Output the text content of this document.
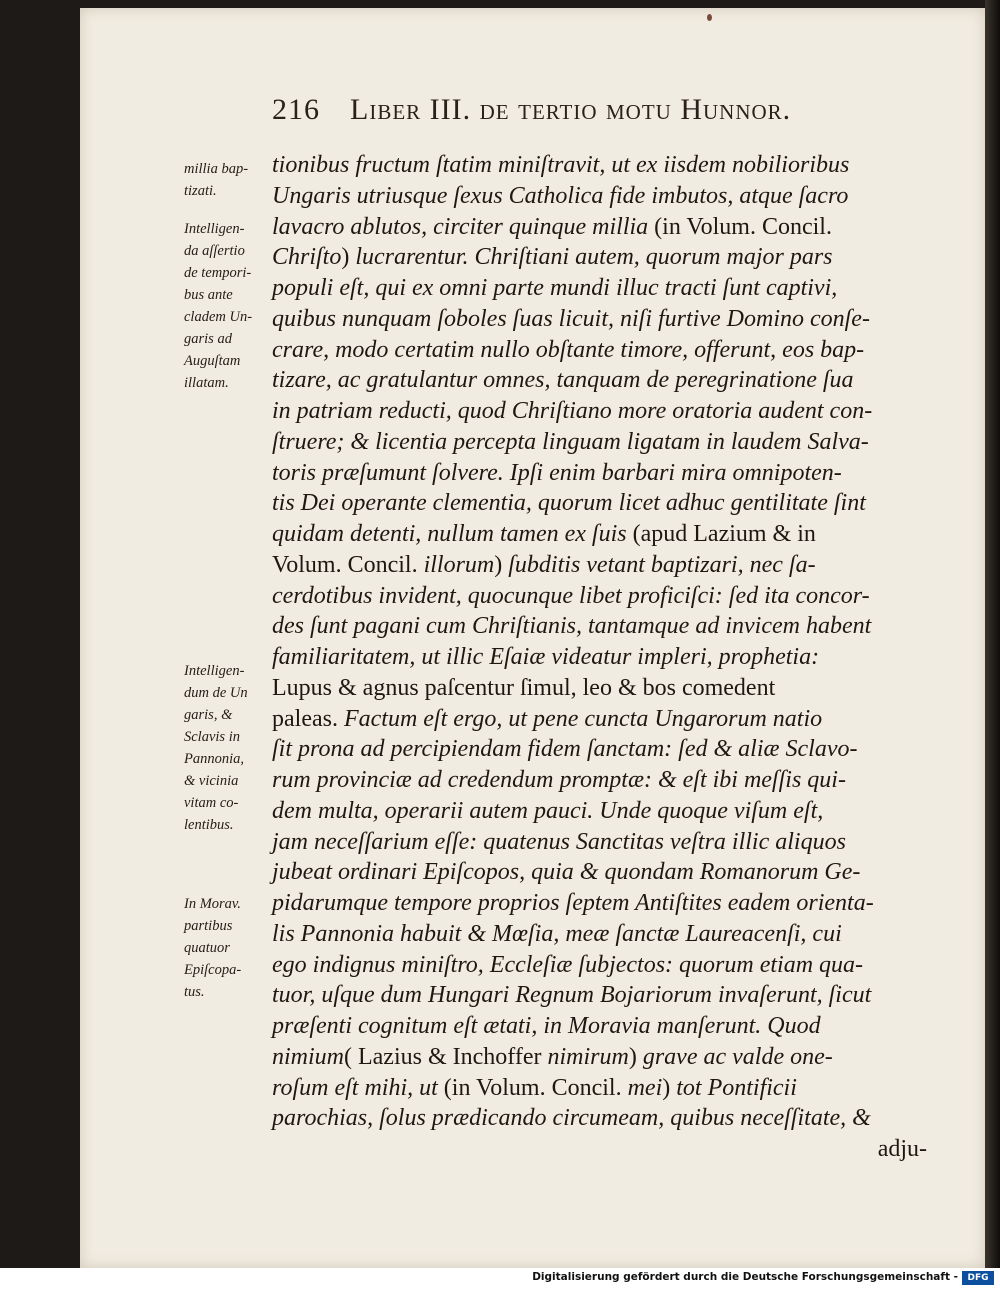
216 Liber III. de tertio motu Hunnor.
millia bap-
tizati.
Intelligen-
da aſſertio
de tempori-
bus ante
cladem Un-
garis ad
Auguſtam
illatam.
Intelligen-
dum de Un
garis, &
Sclavis in
Pannonia,
& vicinia
vitam co-
lentibus.
In Morav.
partibus
quatuor
Epiſcopa-
tus.
tionibus fructum ſtatim miniſtravit, ut ex iisdem nobilioribus
Ungaris utriusque ſexus Catholica fide imbutos, atque ſacro
lavacro ablutos, circiter quinque millia (in Volum. Concil.
Chriſto) lucrarentur. Chriſtiani autem, quorum major pars
populi eſt, qui ex omni parte mundi illuc tracti ſunt captivi,
quibus nunquam ſoboles ſuas licuit, niſi furtive Domino conſe-
crare, modo certatim nullo obſtante timore, offerunt, eos bap-
tizare, ac gratulantur omnes, tanquam de peregrinatione ſua
in patriam reducti, quod Chriſtiano more oratoria audent con-
ſtruere; & licentia percepta linguam ligatam in laudem Salva-
toris præſumunt ſolvere. Ipſi enim barbari mira omnipoten-
tis Dei operante clementia, quorum licet adhuc gentilitate ſint
quidam detenti, nullum tamen ex ſuis (apud Lazium & in
Volum. Concil. illorum) ſubditis vetant baptizari, nec ſa-
cerdotibus invident, quocunque libet proficiſci: ſed ita concor-
des ſunt pagani cum Chriſtianis, tantamque ad invicem habent
familiaritatem, ut illic Eſaiæ videatur impleri, prophetia:
Lupus & agnus paſcentur ſimul, leo & bos comedent
paleas. Factum eſt ergo, ut pene cuncta Ungarorum natio
ſit prona ad percipiendam fidem ſanctam: ſed & aliæ Sclavo-
rum provinciæ ad credendum promptæ: & eſt ibi meſſis qui-
dem multa, operarii autem pauci. Unde quoque viſum eſt,
jam neceſſarium eſſe: quatenus Sanctitas veſtra illic aliquos
jubeat ordinari Epiſcopos, quia & quondam Romanorum Ge-
pidarumque tempore proprios ſeptem Antiſtites eadem orienta-
lis Pannonia habuit & Mœſia, meæ ſanctæ Laureacenſi, cui
ego indignus miniſtro, Eccleſiæ ſubjectos: quorum etiam qua-
tuor, uſque dum Hungari Regnum Bojariorum invaſerunt, ſicut
præſenti cognitum eſt ætati, in Moravia manſerunt. Quod
nimium( Lazius & Inchoffer nimirum) grave ac valde one-
roſum eſt mihi, ut (in Volum. Concil. mei) tot Pontificii
parochias, ſolus prædicando circumeam, quibus neceſſitate, &
adju-
Digitalisierung gefördert durch die Deutsche Forschungsgemeinschaft -	DFG
